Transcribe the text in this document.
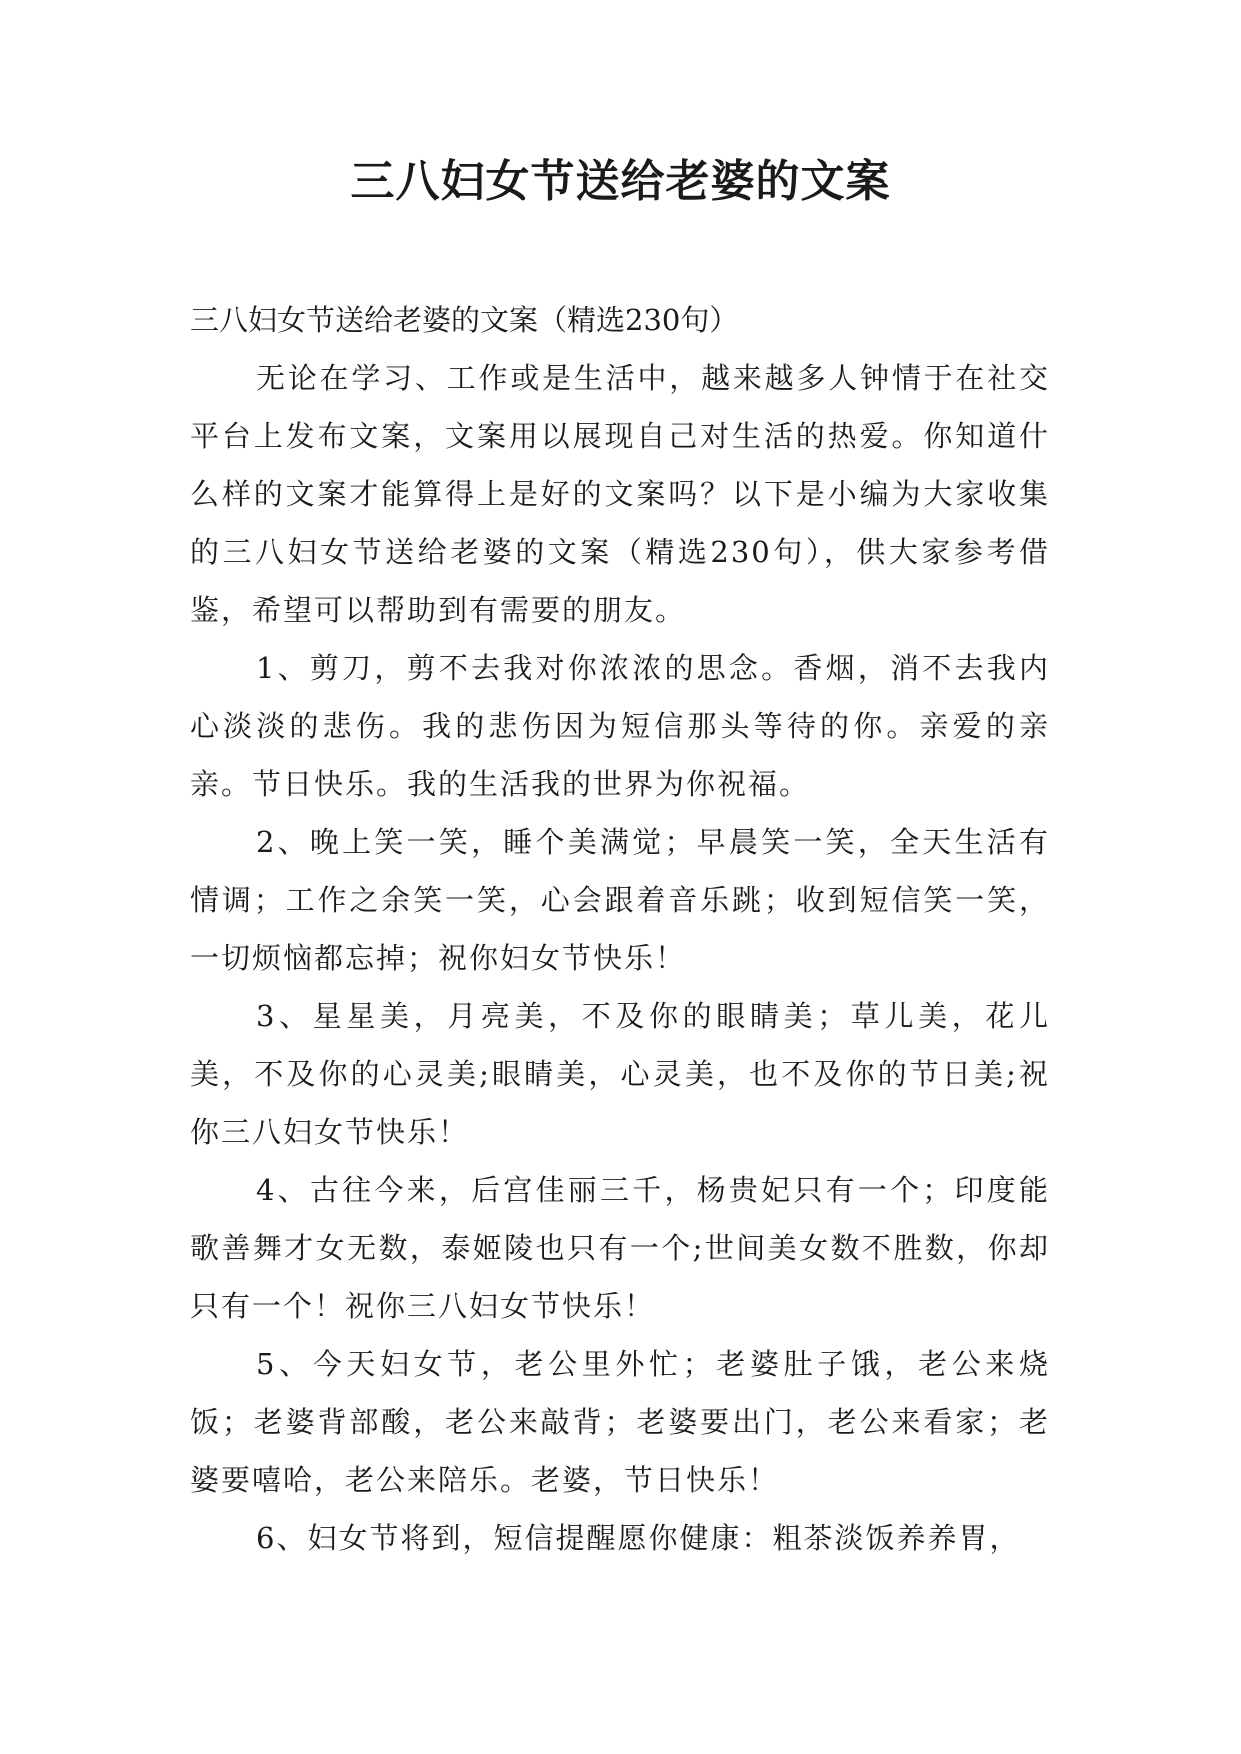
三八妇女节送给老婆的文案

三八妇女节送给老婆的文案（精选230句）

无论在学习、工作或是生活中，越来越多人钟情于在社交平台上发布文案，文案用以展现自己对生活的热爱。你知道什么样的文案才能算得上是好的文案吗？以下是小编为大家收集的三八妇女节送给老婆的文案（精选230句），供大家参考借鉴，希望可以帮助到有需要的朋友。

1、剪刀，剪不去我对你浓浓的思念。香烟，消不去我内心淡淡的悲伤。我的悲伤因为短信那头等待的你。亲爱的亲亲。节日快乐。我的生活我的世界为你祝福。

2、晚上笑一笑，睡个美满觉；早晨笑一笑，全天生活有情调；工作之余笑一笑，心会跟着音乐跳；收到短信笑一笑，一切烦恼都忘掉；祝你妇女节快乐！

3、星星美，月亮美，不及你的眼睛美；草儿美，花儿美，不及你的心灵美;眼睛美，心灵美，也不及你的节日美;祝你三八妇女节快乐！

4、古往今来，后宫佳丽三千，杨贵妃只有一个；印度能歌善舞才女无数，泰姬陵也只有一个;世间美女数不胜数，你却只有一个！祝你三八妇女节快乐！

5、今天妇女节，老公里外忙；老婆肚子饿，老公来烧饭；老婆背部酸，老公来敲背；老婆要出门，老公来看家；老婆要嘻哈，老公来陪乐。老婆，节日快乐！

6、妇女节将到，短信提醒愿你健康：粗茶淡饭养养胃，
